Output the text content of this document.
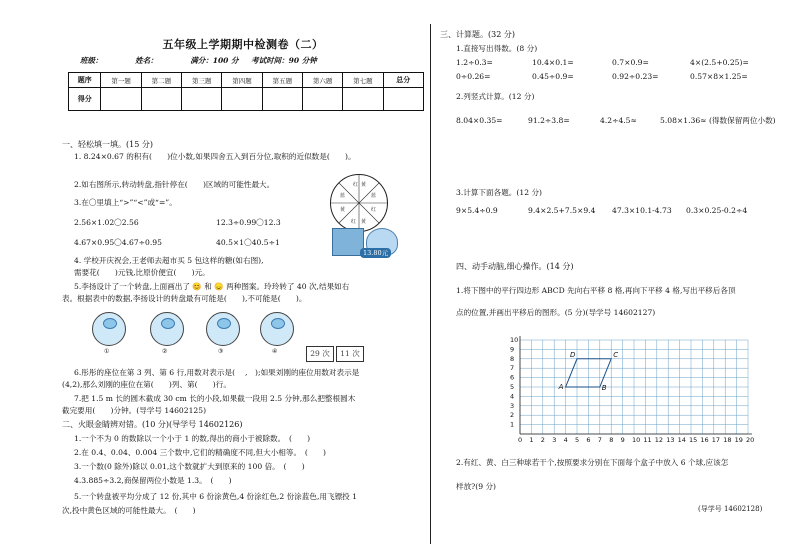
五年级上学期期中检测卷（二）
班级：	姓名：	满分：100 分 考试时间：90 分钟
题序	第一题	第二题	第三题	第四题	第五题	第六题	第七题	总分
得分								
一、轻松填一填。(15 分)
1. 8.24×0.67 的积有(　　)位小数,如果四舍五入到百分位,取积的近似数是(　　)。
2.如右图所示,转动转盘,指针停在(　　)区域的可能性最大。	红 黄
蓝
红
黄
红
黄
蓝
3.在〇里填上“>”“<”或“=”。
2.56×1.02〇2.56	12.3÷0.99〇12.3
4.67×0.95〇4.67÷0.95	40.5×1〇40.5÷1
13.80元
4. 学校开庆祝会,王老师去超市买 5 包这样的糖(如右图),
需要花(　　)元钱,比原价便宜(　　)元。
5.李扬设计了一个转盘,上面画出了 😊 和 😞 两种图案。玲玲转了 40 次,结果如右
表。根据表中的数据,李扬设计的转盘最有可能是(　　),不可能是(　　)。
①	②	③	④	29 次	11 次
6.彤彤的座位在第 3 列、第 6 行,用数对表示是(　 ,　);如果刘刚的座位用数对表示是
(4,2),那么刘刚的座位在第(　　)列、第(　　)行。
7.把 1.5 m 长的圆木截成 30 cm 长的小段,如果截一段用 2.5 分钟,那么把整根圆木
截完要用(　　)分钟。(导学号 14602125)
二、火眼金睛辨对错。(10 分)(导学号 14602126)
1.一个不为 0 的数除以一个小于 1 的数,得出的商小于被除数。　(　　)
2.在 0.4、0.04、0.004 三个数中,它们的精确度不同,但大小相等。　(　　)
3.一个数(0 除外)除以 0.01,这个数就扩大到原来的 100 倍。　(　　)
4.3.885÷3.2,商保留两位小数是 1.3。　(　　)
5.一个转盘被平均分成了 12 份,其中 6 份涂黄色,4 份涂红色,2 份涂蓝色,用飞镖投 1
次,投中黄色区域的可能性最大。　(　　)
三、计算题。(32 分)
1.直接写出得数。(8 分)
1.2÷0.3=	10.4×0.1=	0.7×0.9=	4×(2.5+0.25)=
0÷0.26=	0.45÷0.9=	0.92÷0.23=	0.57×8×1.25=
2.列竖式计算。(12 分)
8.04×0.35=	91.2÷3.8=	4.2÷4.5≈	5.08×1.36≈ (得数保留两位小数)
3.计算下面各题。(12 分)
9×5.4÷0.9	9.4×2.5+7.5×9.4 47.3×10.1-4.73 0.3×0.25-0.2÷4
四、动手动脑,细心操作。(14 分)
1.将下图中的平行四边形 ABCD 先向右平移 8 格,再向下平移 4 格,写出平移后各顶
点的位置,并画出平移后的图形。(5 分)(导学号 14602127)
0 1 2 3 4 5 6 7 8 9 10 11 12 13 14 15 16 17 18 19 20
1
2
3
4
5
6
7
8
9
10
A	B
C
D
2.有红、黄、白三种球若干个,按照要求分别在下面每个盒子中放入 6 个球,应该怎
样放?(9 分)
(导学号 14602128)
